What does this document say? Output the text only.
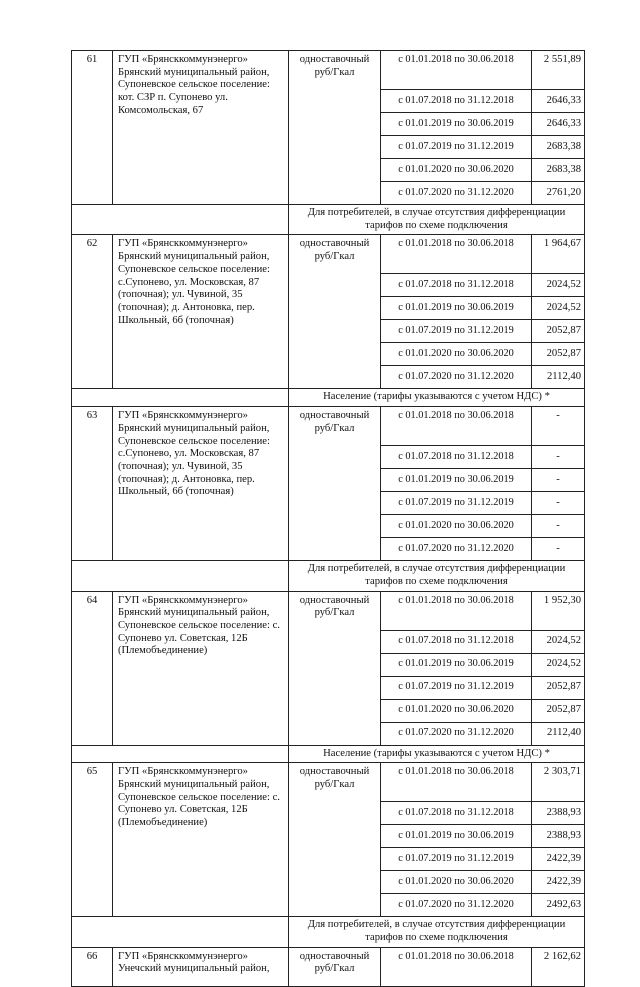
61	ГУП «Брянсккоммунэнерго» Брянский муниципальный район, Супоневское сельское поселение: кот. СЗР п. Супонево ул. Комсомольская, 67	одноставочный руб/Гкал	с 01.01.2018 по 30.06.2018	2 551,89
			с 01.07.2018 по 31.12.2018	2646,33
			с 01.01.2019 по 30.06.2019	2646,33
			с 01.07.2019 по 31.12.2019	2683,38
			с 01.01.2020 по 30.06.2020	2683,38
			с 01.07.2020 по 31.12.2020	2761,20
		Для потребителей, в случае отсутствия дифференциации тарифов по схеме подключения		
62	ГУП «Брянсккоммунэнерго» Брянский муниципальный район, Супоневское сельское поселение: с.Супонево, ул. Московская, 87 (топочная); ул. Чувиной, 35 (топочная); д. Антоновка, пер. Школьный, 6б (топочная)	одноставочный руб/Гкал	с 01.01.2018 по 30.06.2018	1 964,67
			с 01.07.2018 по 31.12.2018	2024,52
			с 01.01.2019 по 30.06.2019	2024,52
			с 01.07.2019 по 31.12.2019	2052,87
			с 01.01.2020 по 30.06.2020	2052,87
			с 01.07.2020 по 31.12.2020	2112,40
		Население (тарифы указываются с учетом НДС) *		
63	ГУП «Брянсккоммунэнерго» Брянский муниципальный район, Супоневское сельское поселение: с.Супонево, ул. Московская, 87 (топочная); ул. Чувиной, 35 (топочная); д. Антоновка, пер. Школьный, 6б (топочная)	одноставочный руб/Гкал	с 01.01.2018 по 30.06.2018	-
			с 01.07.2018 по 31.12.2018	-
			с 01.01.2019 по 30.06.2019	-
			с 01.07.2019 по 31.12.2019	-
			с 01.01.2020 по 30.06.2020	-
			с 01.07.2020 по 31.12.2020	-
		Для потребителей, в случае отсутствия дифференциации тарифов по схеме подключения		
64	ГУП «Брянсккоммунэнерго» Брянский муниципальный район, Супоневское сельское поселение: с. Супонево ул. Советская, 12Б (Племобъединение)	одноставочный руб/Гкал	с 01.01.2018 по 30.06.2018	1 952,30
			с 01.07.2018 по 31.12.2018	2024,52
			с 01.01.2019 по 30.06.2019	2024,52
			с 01.07.2019 по 31.12.2019	2052,87
			с 01.01.2020 по 30.06.2020	2052,87
			с 01.07.2020 по 31.12.2020	2112,40
		Население (тарифы указываются с учетом НДС) *		
65	ГУП «Брянсккоммунэнерго» Брянский муниципальный район, Супоневское сельское поселение: с. Супонево ул. Советская, 12Б (Племобъединение)	одноставочный руб/Гкал	с 01.01.2018 по 30.06.2018	2 303,71
			с 01.07.2018 по 31.12.2018	2388,93
			с 01.01.2019 по 30.06.2019	2388,93
			с 01.07.2019 по 31.12.2019	2422,39
			с 01.01.2020 по 30.06.2020	2422,39
			с 01.07.2020 по 31.12.2020	2492,63
		Для потребителей, в случае отсутствия дифференциации тарифов по схеме подключения		
66	ГУП «Брянсккоммунэнерго» Унечский муниципальный район,	одноставочный руб/Гкал	с 01.01.2018 по 30.06.2018	2 162,62
